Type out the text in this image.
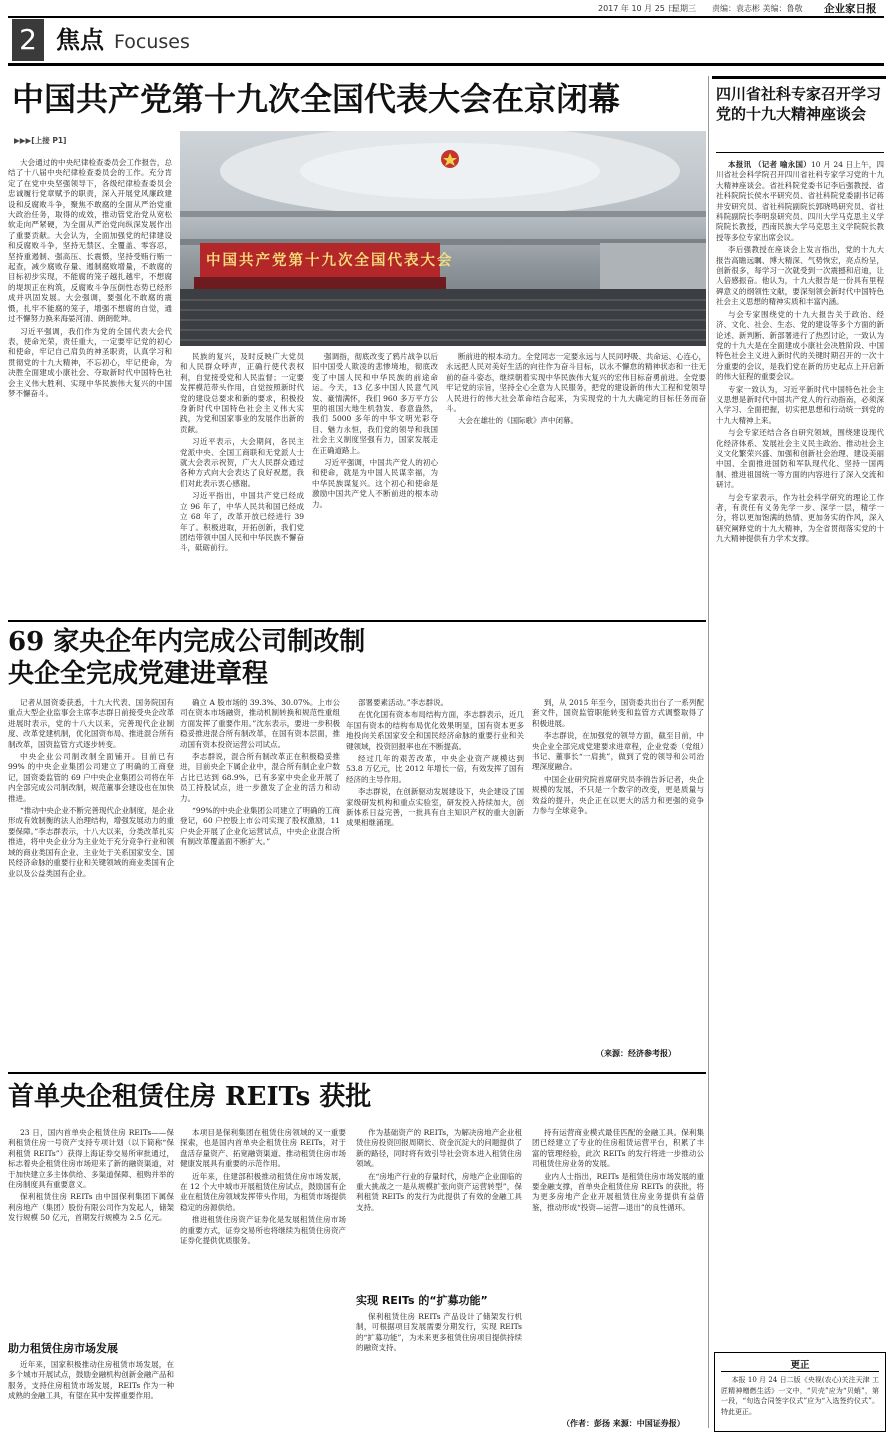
2017 年 10 月 25 日
星期三 责编：袁志彬 美编：鲁敬 企业家日报
2 焦点 Focuses
中国共产党第十九次全国代表大会在京闭幕
▶▶▶[上接 P1]
中国共产党第十九次全国代表大会

大会通过的中央纪律检查委员会工作报告，总结了十八届中央纪律检查委员会的工作。充分肯定了在党中央坚强领导下，各级纪律检查委员会忠诚履行党章赋予的职责，深入开展党风廉政建设和反腐败斗争，聚焦不敢腐的全面从严治党重大政治任务，取得的成效，推动管党治党从宽松软走向严紧硬，为全面从严治党向纵深发展作出了重要贡献。大会认为，全面加强党的纪律建设和反腐败斗争，坚持无禁区、全覆盖、零容忍，坚持重遏制、强高压、长震慑，坚持受贿行贿一起查，减少腐败存量、遏制腐败增量，不敢腐的目标初步实现，不能腐的笼子越扎越牢，不想腐的堤坝正在构筑，反腐败斗争压倒性态势已经形成并巩固发展。大会强调，要强化不敢腐的震慑，扎牢不能腐的笼子，增强不想腐的自觉，通过不懈努力换来海晏河清、朗朗乾坤。

习近平强调，我们作为党的全国代表大会代表，使命光荣，责任重大，一定要牢记党的初心和使命，牢记自己肩负的神圣职责，认真学习和贯彻党的十九大精神，不忘初心，牢记使命，为决胜全面建成小康社会、夺取新时代中国特色社会主义伟大胜利、实现中华民族伟大复兴的中国梦不懈奋斗。

民族的复兴，及时反映广大党员和人民群众呼声，正确行使代表权利，自觉接受党和人民监督；一定要发挥模范带头作用，自觉按照新时代党的建设总要求和新的要求，积极投身新时代中国特色社会主义伟大实践，为党和国家事业的发展作出新的贡献。

习近平表示，大会期间，各民主党派中央、全国工商联和无党派人士就大会表示祝贺，广大人民群众通过各种方式向大会表达了良好祝愿，我们对此表示衷心感谢。

习近平指出，中国共产党已经成立 96 年了，中华人民共和国已经成立 68 年了，改革开放已经进行 39 年了。积极进取，开拓创新，我们党团结带领中国人民和中华民族不懈奋斗，砥砺前行。

强调指，彻底改变了鸦片战争以后旧中国受人欺凌的悲惨境地，彻底改变了中国人民和中华民族的前途命运。今天，13 亿多中国人民意气风发、豪情满怀，我们 960 多万平方公里的祖国大地生机勃发、春意盎然，我们 5000 多年的中华文明光彩夺目、魅力永恒，我们党的领导和我国社会主义制度坚强有力，国家发展走在正确道路上。

习近平强调，中国共产党人的初心和使命，就是为中国人民谋幸福，为中华民族谋复兴。这个初心和使命是激励中国共产党人不断前进的根本动力。

断前进的根本动力。全党同志一定要永远与人民同呼吸、共命运、心连心，永远把人民对美好生活的向往作为奋斗目标，以永不懈怠的精神状态和一往无前的奋斗姿态，继续朝着实现中华民族伟大复兴的宏伟目标奋勇前进。全党要牢记党的宗旨，坚持全心全意为人民服务，把党的建设新的伟大工程和党领导人民进行的伟大社会革命结合起来，为实现党的十九大确定的目标任务而奋斗。

大会在雄壮的《国际歌》声中闭幕。

四川省社科专家召开学习党的十九大精神座谈会

本报讯 （记者 喻永国）10 月 24 日上午，四川省社会科学院召开四川省社科专家学习党的十九大精神座谈会。省社科院党委书记李后强教授、省社科院院长侯水平研究员、省社科院党委副书记蒋井安研究员、省社科院副院长郭晓鸣研究员、省社科院副院长李明泉研究员、四川大学马克思主义学院院长教授，西南民族大学马克思主义学院院长教授等多位专家出席会议。

李后强教授在座谈会上发言指出，党的十九大报告高瞻远瞩、博大精深、气势恢宏，亮点纷呈，创新很多，每学习一次就受到一次震撼和启迪，让人倍感振奋。他认为，十九大报告是一份具有里程碑意义的纲领性文献，要深刻领会新时代中国特色社会主义思想的精神实质和丰富内涵。

与会专家围绕党的十九大报告关于政治、经济、文化、社会、生态、党的建设等多个方面的新论述、新判断、新部署进行了热烈讨论，一致认为党的十九大是在全面建成小康社会决胜阶段、中国特色社会主义进入新时代的关键时期召开的一次十分重要的会议，是我们党在新的历史起点上开启新的伟大征程的重要会议。

专家一致认为，习近平新时代中国特色社会主义思想是新时代中国共产党人的行动指南，必须深入学习、全面把握，切实把思想和行动统一到党的十九大精神上来。

与会专家还结合各自研究领域，围绕建设现代化经济体系、发展社会主义民主政治、推动社会主义文化繁荣兴盛、加强和创新社会治理、建设美丽中国、全面推进国防和军队现代化、坚持一国两制、推进祖国统一等方面的内容进行了深入交流和研讨。

与会专家表示，作为社会科学研究的理论工作者，有责任有义务先学一步、深学一层，精学一分，将以更加饱满的热情、更加务实的作风，深入研究阐释党的十九大精神，为全省贯彻落实党的十九大精神提供有力学术支撑。

更正
本报 10 月 24 日二版《央视(农心)关注天津 工匠精神赠燃生活》一文中，“贝壳”应为“贝蛸”，第一段，“旬选合同签字仪式”应为“入选签约仪式”。特此更正。
69 家央企年内完成公司制改制
央企全完成党建进章程

记者从国资委获悉，十九大代表、国务院国有重点大型企业监事会主席李志群日前接受央企改革进展时表示，党的十八大以来，完善现代企业制度、改革党建机制，优化国资布局、推进混合所有制改革，国资监管方式逐步转变。

中央企业公司制改制全面铺开。目前已有 99% 的中央企业集团公司建立了明确的工商登记，国资委监管的 69 户中央企业集团公司将在年内全部完成公司制改制，规范董事会建设也在加快推进。

“推动中央企业不断完善现代企业制度，是企业形成有效制衡的法人治理结构，增强发展动力的重要保障。”李志群表示，十八大以来，分类改革扎实推进，将中央企业分为主业处于充分竞争行业和领域的商业类国有企业、主业处于关系国家安全、国民经济命脉的重要行业和关键领域的商业类国有企业以及公益类国有企业。

确立 A 股市场的 39.3%、30.07%。上市公司在资本市场融资，推动机制转换和规范性重组方面发挥了重要作用。”沈东表示，要进一步积极稳妥推进混合所有制改革，在国有资本层面，推动国有资本投资运营公司试点。

李志群说，混合所有制改革正在积极稳妥推进，目前央企下属企业中，混合所有制企业户数占比已达到 68.9%，已有多家中央企业开展了员工持股试点，进一步激发了企业的活力和动力。

“99%的中央企业集团公司建立了明确的工商登记，60 户控股上市公司实现了股权激励，11 户央企开展了企业化运营试点，中央企业混合所有制改革覆盖面不断扩大。”

部署要素活动。”李志群说。

在优化国有资本布局结构方面，李志群表示，近几年国有资本的结构布局优化效果明显，国有资本更多地投向关系国家安全和国民经济命脉的重要行业和关键领域，投资回报率也在不断提高。

经过几年的艰苦改革，中央企业资产规模达到 53.8 万亿元，比 2012 年增长一倍，有效发挥了国有经济的主导作用。

李志群说，在创新驱动发展建设下，央企建设了国家级研发机构和重点实验室，研发投入持续加大，创新体系日益完善，一批具有自主知识产权的重大创新成果相继涌现。

到，从 2015 年至今，国资委共出台了一系列配套文件，国资监管职能转变和监管方式调整取得了积极进展。

李志群说，在加强党的领导方面，截至目前，中央企业全部完成党建要求进章程，企业党委（党组）书记、董事长“一肩挑”，做到了党的领导和公司治理深度融合。

中国企业研究院首席研究员李锦告诉记者，央企规模的发展，不只是一个数字的改变，更是质量与效益的提升，央企正在以更大的活力和更强的竞争力参与全球竞争。

（来源：经济参考报）
首单央企租赁住房 REITs 获批

23 日，国内首单央企租赁住房 REITs——保利租赁住房一号资产支持专项计划（以下简称“保利租赁 REITs”）获得上海证券交易所审批通过，标志着央企租赁住房市场迎来了新的融资渠道，对于加快建立多主体供给、多渠道保障、租购并举的住房制度具有重要意义。

保利租赁住房 REITs 由中国保利集团下属保利房地产（集团）股份有限公司作为发起人，储架发行规模 50 亿元，首期发行规模为 2.5 亿元。

助力租赁住房市场发展

近年来，国家积极推动住房租赁市场发展，在多个城市开展试点，鼓励金融机构创新金融产品和服务，支持住房租赁市场发展，REITs 作为一种成熟的金融工具，有望在其中发挥重要作用。

本项目是保利集团在租赁住房领域的又一重要探索，也是国内首单央企租赁住房 REITs，对于盘活存量资产、拓宽融资渠道、推动租赁住房市场健康发展具有重要的示范作用。

近年来，住建部积极推动租赁住房市场发展，在 12 个大中城市开展租赁住房试点，鼓励国有企业在租赁住房领域发挥带头作用，为租赁市场提供稳定的房源供给。

推进租赁住房资产证券化是发展租赁住房市场的重要方式，证券交易所也将继续为租赁住房资产证券化提供优质服务。

作为基础资产的 REITs，为解决房地产企业租赁住房投资回报周期长、资金沉淀大的问题提供了新的路径，同时将有效引导社会资本进入租赁住房领域。

在“房地产行业的存量时代，房地产企业面临的重大挑战之一是从规模扩张向资产运营转型”，保利租赁 REITs 的发行为此提供了有效的金融工具支持。

实现 REITs 的“扩募功能”

保利租赁住房 REITs 产品设计了储架发行机制，可根据项目发展需要分期发行，实现 REITs 的“扩募功能”，为未来更多租赁住房项目提供持续的融资支持。

持有运营商业模式最佳匹配的金融工具。保利集团已经建立了专业的住房租赁运营平台，积累了丰富的管理经验，此次 REITs 的发行将进一步推动公司租赁住房业务的发展。

业内人士指出，REITs 是租赁住房市场发展的重要金融支撑，首单央企租赁住房 REITs 的获批，将为更多房地产企业开展租赁住房业务提供有益借鉴，推动形成“投资—运营—退出”的良性循环。

（作者：彭扬 来源：中国证券报）
